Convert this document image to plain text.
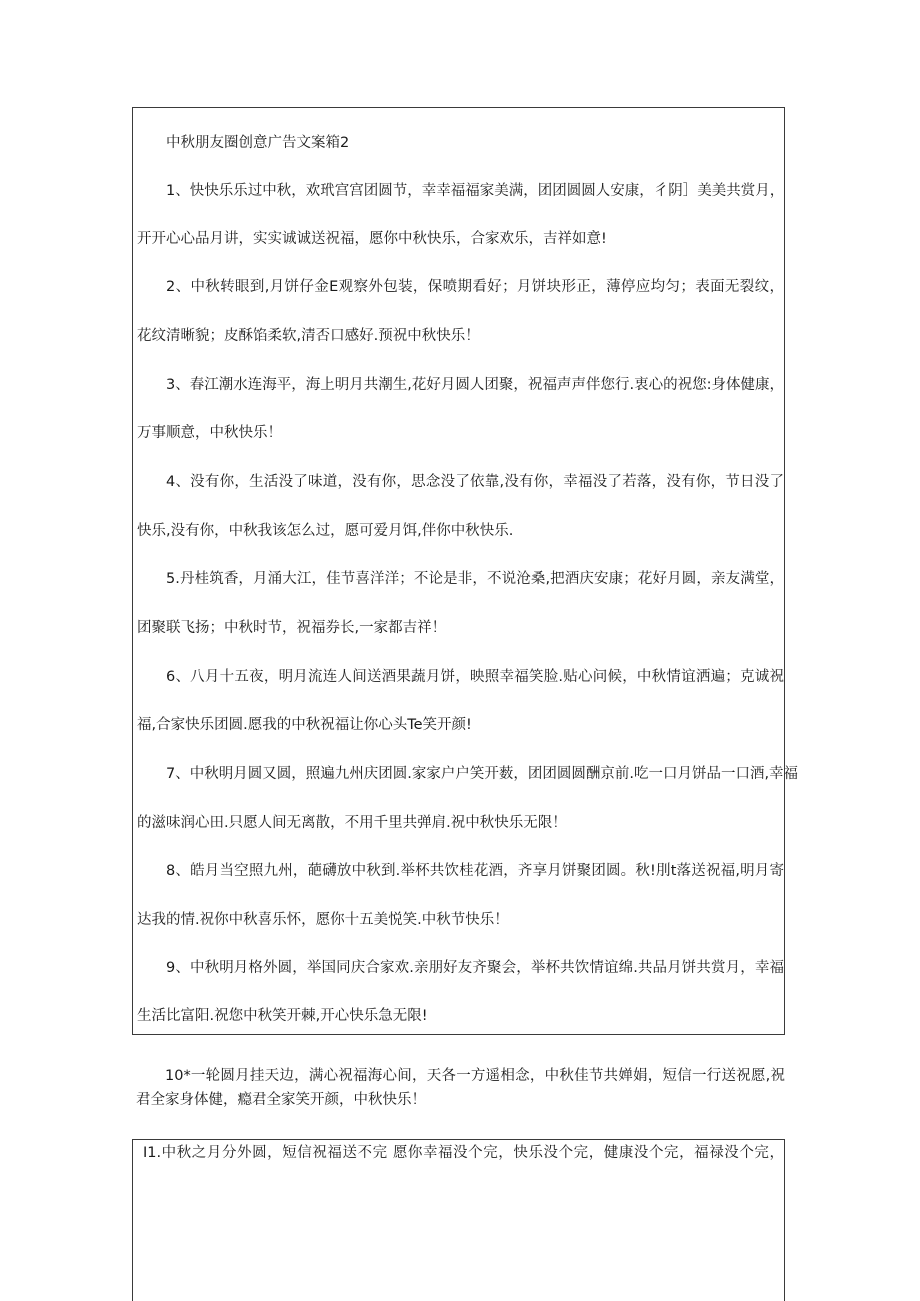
中秋朋友圈创意广告文案箱2
1、快快乐乐过中秋，欢玳宫宫团圆节，幸幸福福家美满，团团圆圆人安康，彳阴］美美共赏月，
开开心心品月讲，实实诚诚送祝福，愿你中秋快乐，合家欢乐，吉祥如意!
2、中秋转眼到,月饼仔金E观察外包装，保喷期看好；月饼块形正，薄停应均匀；表面无裂纹，
花纹清晰貌；皮酥馅柔软,清否口感好.预祝中秋快乐！
3、春江潮水连海平，海上明月共潮生,花好月圆人团聚，祝福声声伴您行.衷心的祝您:身体健康，
万事顺意，中秋快乐！
4、没有你，生活没了味道，没有你，思念没了依靠,没有你，幸福没了若落，没有你，节日没了
快乐,没有你，中秋我该怎么过，愿可爱月饵,伴你中秋快乐.
5.丹桂筑香，月涌大江，佳节喜洋洋；不论是非，不说沧桑,把酒庆安康；花好月圆，亲友满堂，
团聚联飞扬；中秋时节，祝福券长,一家都吉祥！
6、八月十五夜，明月流连人间送酒果蔬月饼，映照幸福笑脸.贴心问候，中秋情谊洒遍；克诚祝
福,合家快乐团圆.愿我的中秋祝福让你心头Te笑开颜!
7、中秋明月圆又圆，照遍九州庆团圆.家家户户笑开薮，团团圆圆酬京前.吃一口月饼品一口酒,幸福
的滋味润心田.只愿人间无离散，不用千里共弹肩.祝中秋快乐无限！
8、皓月当空照九州，葩礴放中秋到.举杯共饮桂花酒，齐享月饼聚团圆。秋!刖t落送祝福,明月寄
达我的情.祝你中秋喜乐怀，愿你十五美悦笑.中秋节快乐！
9、中秋明月格外圆，举国同庆合家欢.亲朋好友齐聚会，举杯共饮情谊绵.共品月饼共赏月，幸福
生活比富阳.祝您中秋笑开棘,开心快乐急无限!
10*一轮圆月挂天边，满心祝福海心间，天各一方遥相念，中秋佳节共婵娟，短信一行送祝愿,祝
君全家身体健，瘾君全家笑开颜，中秋快乐！
I1.中秋之月分外圆，短信祝福送不完 愿你幸福没个完，快乐没个完，健康没个完，福禄没个完，
